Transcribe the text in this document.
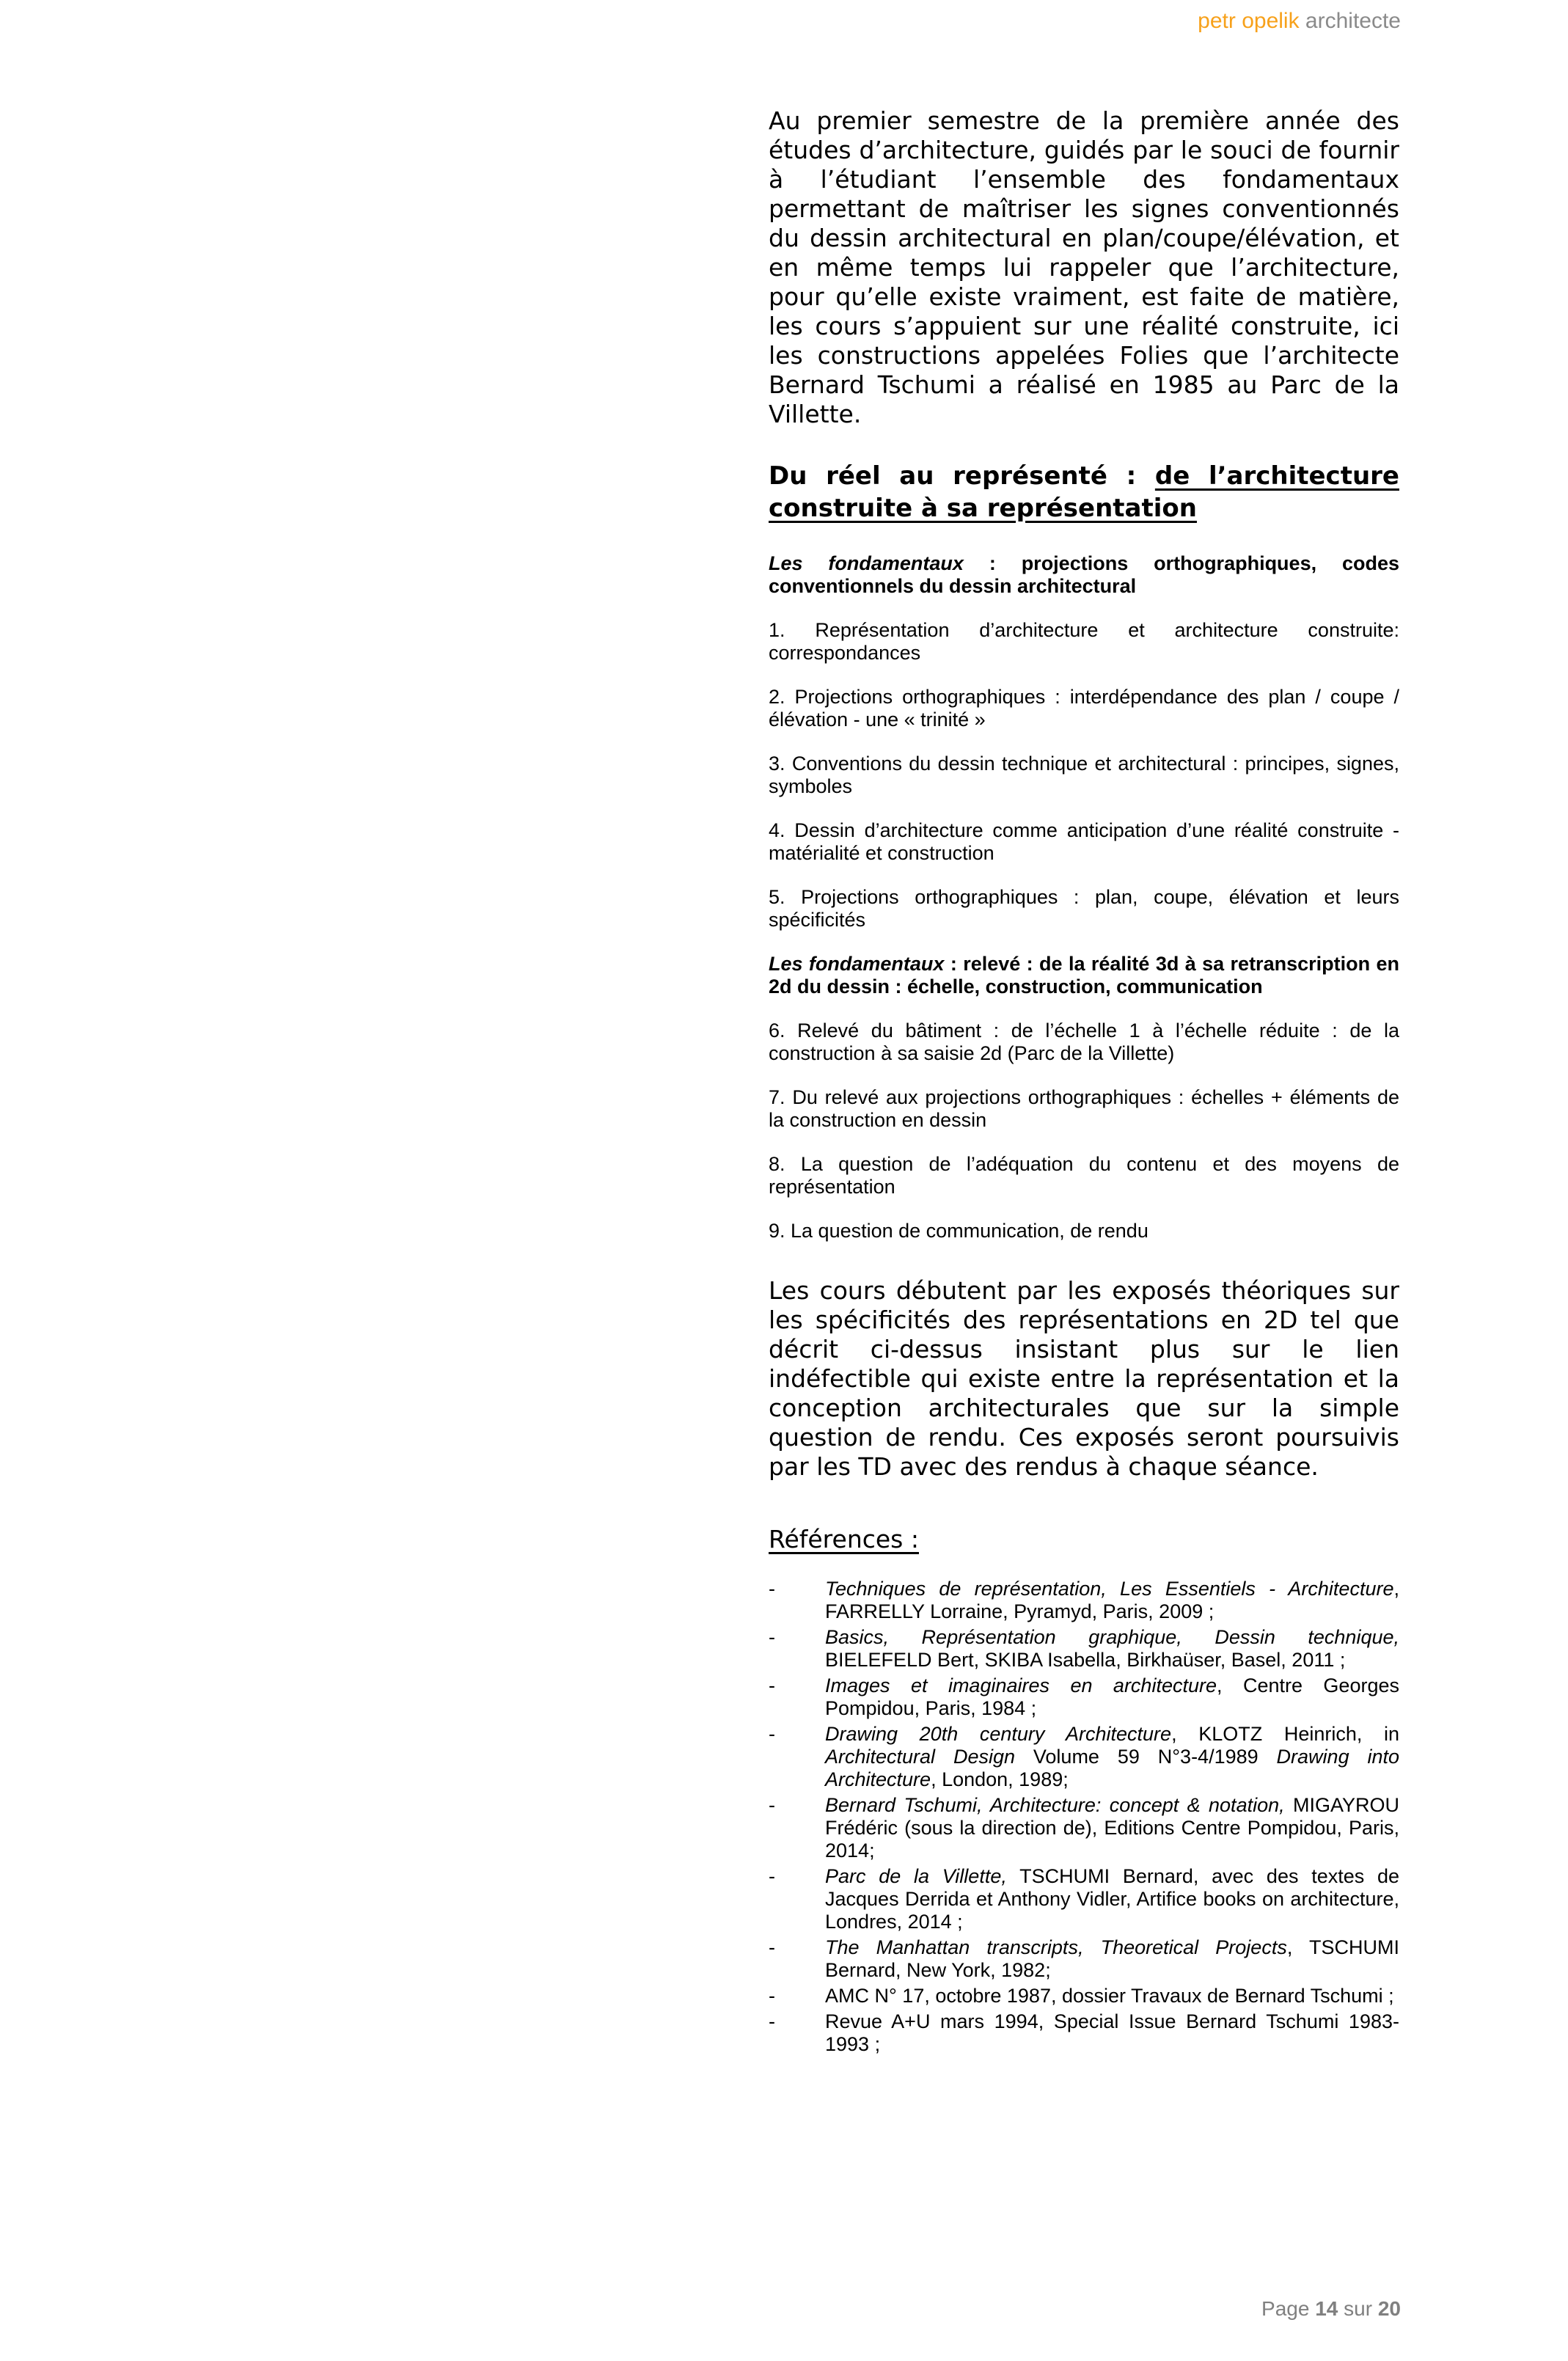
petr opelik architecte
Au premier semestre de la première année des études d’architecture, guidés par le souci de fournir à l’étudiant l’ensemble des fondamentaux permettant de maîtriser les signes conventionnés du dessin architectural en plan/coupe/élévation, et en même temps lui rappeler que l’architecture, pour qu’elle existe vraiment, est faite de matière, les cours s’appuient sur une réalité construite, ici les constructions appelées Folies que l’architecte Bernard Tschumi a réalisé en 1985 au Parc de la Villette.
Du réel au représenté : de l’architecture construite à sa représentation
Les fondamentaux : projections orthographiques, codes conventionnels du dessin architectural
1. Représentation d’architecture et architecture construite: correspondances
2. Projections orthographiques : interdépendance des plan / coupe / élévation - une « trinité »
3. Conventions du dessin technique et architectural : principes, signes, symboles
4. Dessin d’architecture comme anticipation d’une réalité construite - matérialité et construction
5. Projections orthographiques : plan, coupe, élévation et leurs spécificités
Les fondamentaux : relevé : de la réalité 3d à sa retranscription en 2d du dessin : échelle, construction, communication
6. Relevé du bâtiment : de l’échelle 1 à l’échelle réduite : de la construction à sa saisie 2d (Parc de la Villette)
7. Du relevé aux projections orthographiques : échelles + éléments de la construction en dessin
8. La question de l’adéquation du contenu et des moyens de représentation
9. La question de communication, de rendu
Les cours débutent par les exposés théoriques sur les spécificités des représentations en 2D tel que décrit ci-dessus insistant plus sur le lien indéfectible qui existe entre la représentation et la conception architecturales que sur la simple question de rendu. Ces exposés seront poursuivis par les TD avec des rendus à chaque séance.
Références :
-	Techniques de représentation, Les Essentiels - Architecture, FARRELLY Lorraine, Pyramyd, Paris, 2009 ;
-	Basics, Représentation graphique, Dessin technique, BIELEFELD Bert, SKIBA Isabella, Birkhaüser, Basel, 2011 ;
-	Images et imaginaires en architecture, Centre Georges Pompidou, Paris, 1984 ;
-	Drawing 20th century Architecture, KLOTZ Heinrich, in Architectural Design Volume 59 N°3-4/1989 Drawing into Architecture, London, 1989;
-	Bernard Tschumi, Architecture: concept & notation, MIGAYROU Frédéric (sous la direction de), Editions Centre Pompidou, Paris, 2014;
-	Parc de la Villette, TSCHUMI Bernard, avec des textes de Jacques Derrida et Anthony Vidler, Artifice books on architecture, Londres, 2014 ;
-	The Manhattan transcripts, Theoretical Projects, TSCHUMI Bernard, New York, 1982;
-	AMC N° 17, octobre 1987, dossier Travaux de Bernard Tschumi ;
-	Revue A+U mars 1994, Special Issue Bernard Tschumi 1983-1993 ;
Page 14 sur 20
